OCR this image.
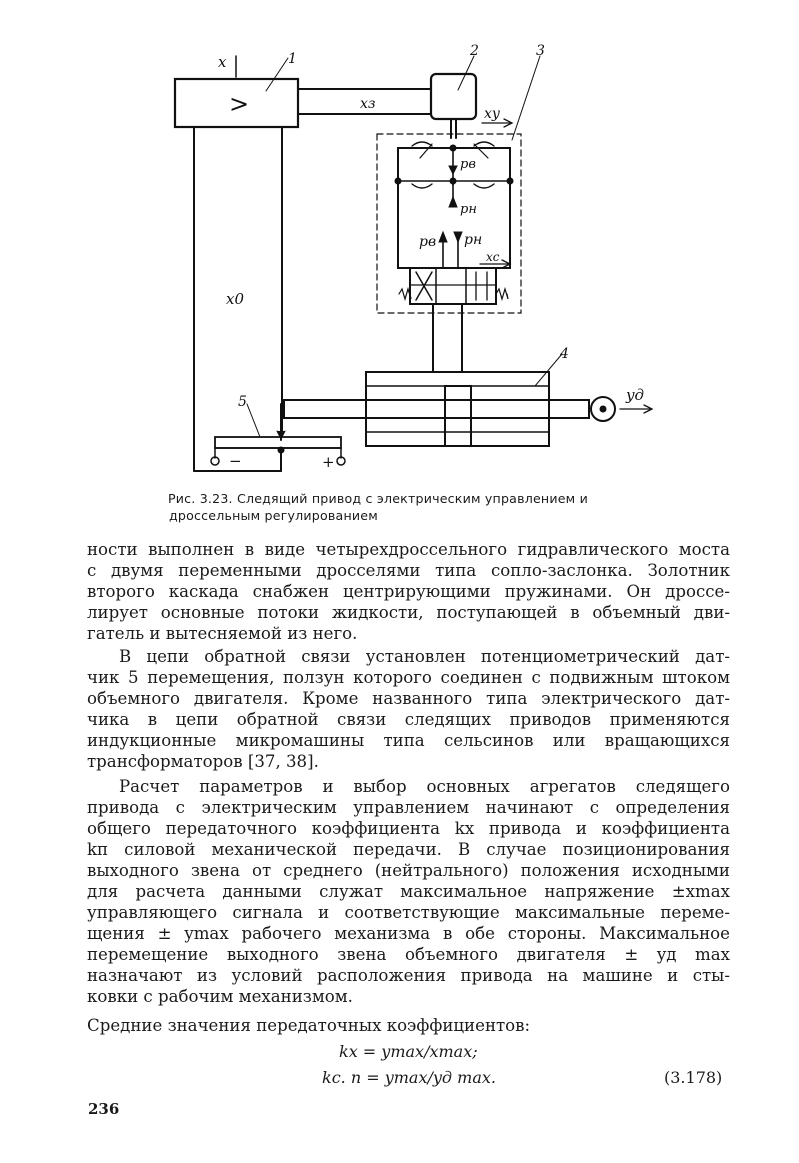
>
x	1	2	3
4
5
xз
xу
x0
pв
pн
pв pн
xс
yд
−	+
Рис. 3.23. Следящий привод с электрическим управлением и
дроссельным регулированием
ности выполнен в виде четырехдроссельного гидравлического моста
с двумя переменными дросселями типа сопло-заслонка. Золотник
второго каскада снабжен центрирующими пружинами. Он дроссе-
лирует основные потоки жидкости, поступающей в объемный дви-
гатель и вытесняемой из него.
В цепи обратной связи установлен потенциометрический дат-
чик 5 перемещения, ползун которого соединен с подвижным штоком
объемного двигателя. Кроме названного типа электрического дат-
чика в цепи обратной связи следящих приводов применяются
индукционные микромашины типа сельсинов или вращающихся
трансформаторов [37, 38].
Расчет параметров и выбор основных агрегатов следящего
привода с электрическим управлением начинают с определения
общего передаточного коэффициента kх привода и коэффициента
kп силовой механической передачи. В случае позиционирования
выходного звена от среднего (нейтрального) положения исходными
для расчета данными служат максимальное напряжение ±xmax
управляющего сигнала и соответствующие максимальные переме-
щения ± ymax рабочего механизма в обе стороны. Максимальное
перемещение выходного звена объемного двигателя ± yд max
назначают из условий расположения привода на машине и сты-
ковки с рабочим механизмом.
Средние значения передаточных коэффициентов:
kх = ymax/xmax;
kс. п = ymax/yд max.	(3.178)
236
